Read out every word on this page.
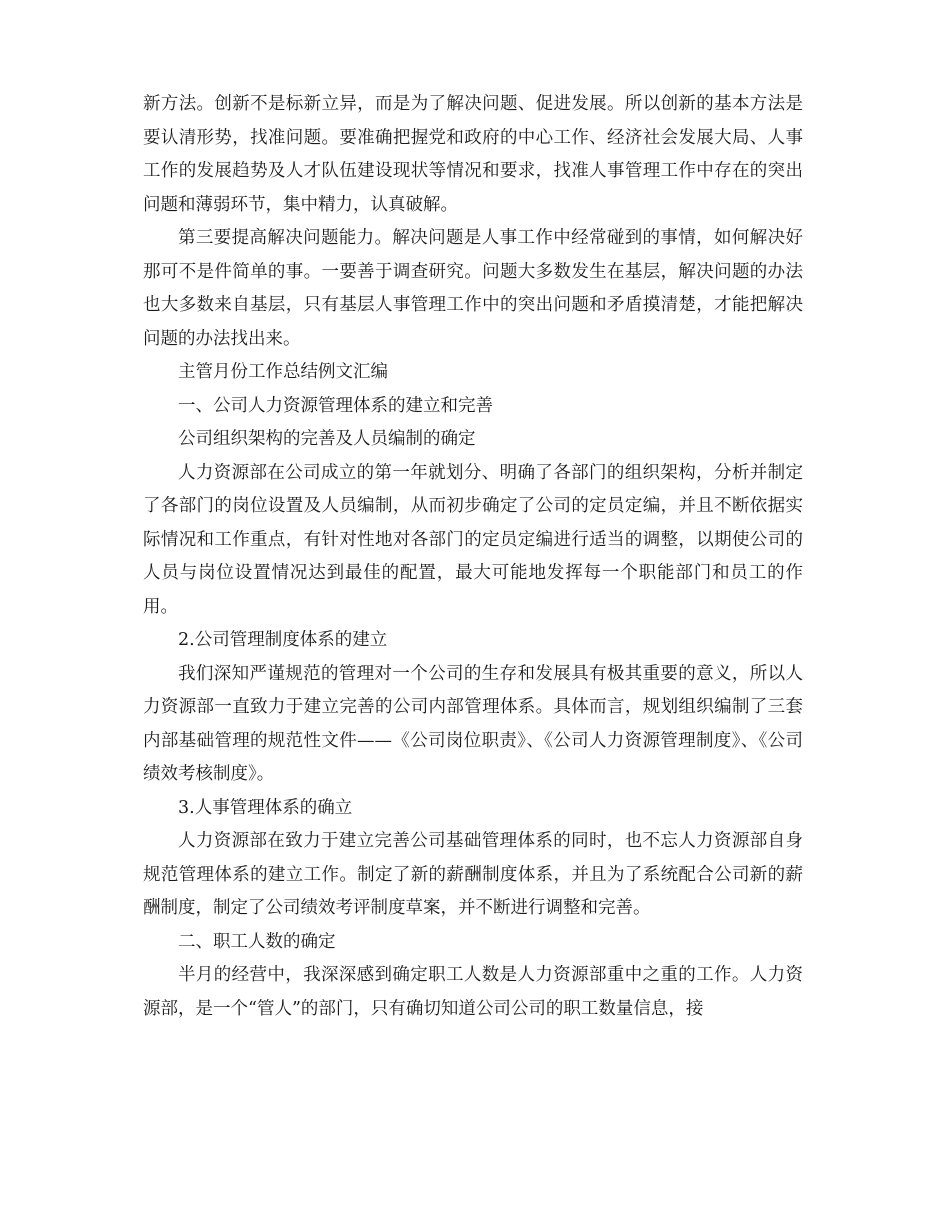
新方法。创新不是标新立异，而是为了解决问题、促进发展。所以创新的基本方法是要认清形势，找准问题。要准确把握党和政府的中心工作、经济社会发展大局、人事工作的发展趋势及人才队伍建设现状等情况和要求，找准人事管理工作中存在的突出问题和薄弱环节，集中精力，认真破解。

第三要提高解决问题能力。解决问题是人事工作中经常碰到的事情，如何解决好那可不是件简单的事。一要善于调查研究。问题大多数发生在基层，解决问题的办法也大多数来自基层，只有基层人事管理工作中的突出问题和矛盾摸清楚，才能把解决问题的办法找出来。

主管月份工作总结例文汇编

一、公司人力资源管理体系的建立和完善

公司组织架构的完善及人员编制的确定

人力资源部在公司成立的第一年就划分、明确了各部门的组织架构，分析并制定了各部门的岗位设置及人员编制，从而初步确定了公司的定员定编，并且不断依据实际情况和工作重点，有针对性地对各部门的定员定编进行适当的调整，以期使公司的人员与岗位设置情况达到最佳的配置，最大可能地发挥每一个职能部门和员工的作用。

2.公司管理制度体系的建立

我们深知严谨规范的管理对一个公司的生存和发展具有极其重要的意义，所以人力资源部一直致力于建立完善的公司内部管理体系。具体而言，规划组织编制了三套内部基础管理的规范性文件——《公司岗位职责》、《公司人力资源管理制度》、《公司绩效考核制度》。

3.人事管理体系的确立

人力资源部在致力于建立完善公司基础管理体系的同时，也不忘人力资源部自身规范管理体系的建立工作。制定了新的薪酬制度体系，并且为了系统配合公司新的薪酬制度，制定了公司绩效考评制度草案，并不断进行调整和完善。

二、职工人数的确定

半月的经营中，我深深感到确定职工人数是人力资源部重中之重的工作。人力资源部，是一个“管人”的部门，只有确切知道公司公司的职工数量信息，接
